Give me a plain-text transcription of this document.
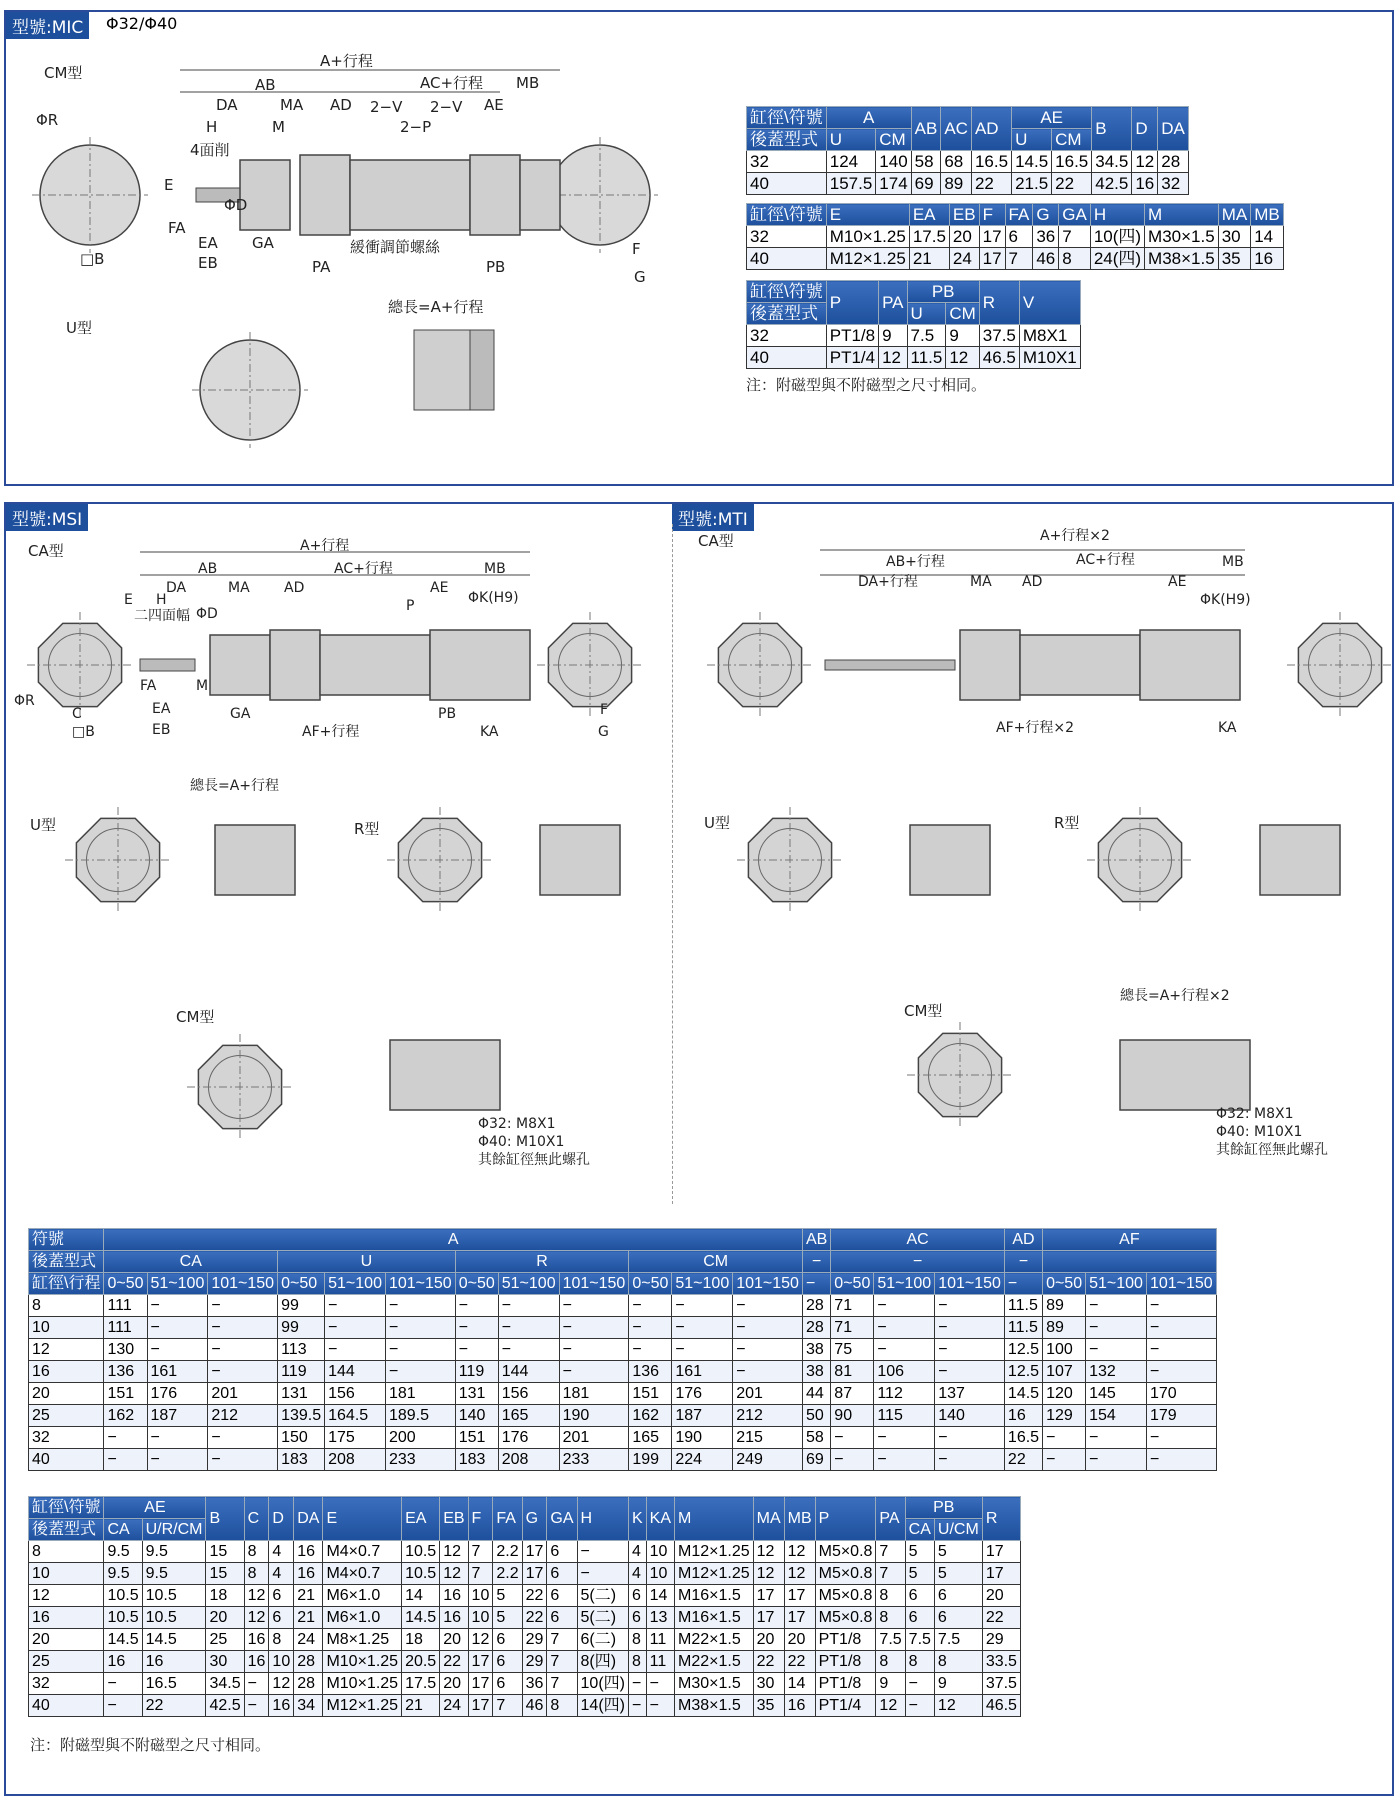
型號:MIC	Φ32/Φ40
CM型
U型
A+行程
AB	AC+行程 MB
DA	MA AD 2−V 2−V AE
2−P
H	M
4面削
ΦR
E
ΦD
FA
EA GA
EB	PA	PB
緩衝調節螺絲
□B
F
G
總長=A+行程
缸徑\符號	A		AB	AC	AD	AE		B	D	DA
後蓋型式	U	CM				U	CM			
32	124	140	58	68	16.5	14.5	16.5	34.5	12	28
40	157.5	174	69	89	22	21.5	22	42.5	16	32
缸徑\符號	E	EA	EB	F	FA	G	GA	H	M	MA	MB
32	M10×1.25	17.5	20	17	6	36	7	10(四)	M30×1.5	30	14
40	M12×1.25	21	24	17	7	46	8	24(四)	M38×1.5	35	16
缸徑\符號	P	PA	PB		R	V
後蓋型式			U	CM		
32	PT1/8	9	7.5	9	37.5	M8X1
40	PT1/4	12	11.5	12	46.5	M10X1
注：附磁型與不附磁型之尺寸相同。
型號:MSI	型號:MTI
CA型
U型	R型
CM型
CA型
U型	R型
CM型
A+行程
AB	AC+行程	MB
DA	MA AD	AE
ΦK(H9)
E H
二四面幅 ΦD	P
M
FA
EA
EB
GA
AF+行程
PB
KA
C
□B
ΦR
F
G
總長=A+行程
Φ32: M8X1
Φ40: M10X1
其餘缸徑無此螺孔
A+行程×2
AB+行程	AC+行程	MB
DA+行程	MA AD	AE
ΦK(H9)
AF+行程×2	KA
總長=A+行程×2
Φ32: M8X1
Φ40: M10X1
其餘缸徑無此螺孔
符號	A												AB	AC			AD	AF		
後蓋型式	CA			U			R			CM			−	−			−			
缸徑\行程	0~50	51~100	101~150	0~50	51~100	101~150	0~50	51~100	101~150	0~50	51~100	101~150	−	0~50	51~100	101~150	−	0~50	51~100	101~150
8	111	−	−	99	−	−	−	−	−	−	−	−	28	71	−	−	11.5	89	−	−
10	111	−	−	99	−	−	−	−	−	−	−	−	28	71	−	−	11.5	89	−	−
12	130	−	−	113	−	−	−	−	−	−	−	−	38	75	−	−	12.5	100	−	−
16	136	161	−	119	144	−	119	144	−	136	161	−	38	81	106	−	12.5	107	132	−
20	151	176	201	131	156	181	131	156	181	151	176	201	44	87	112	137	14.5	120	145	170
25	162	187	212	139.5	164.5	189.5	140	165	190	162	187	212	50	90	115	140	16	129	154	179
32	−	−	−	150	175	200	151	176	201	165	190	215	58	−	−	−	16.5	−	−	−
40	−	−	−	183	208	233	183	208	233	199	224	249	69	−	−	−	22	−	−	−
缸徑\符號	AE		B	C	D	DA	E	EA	EB	F	FA	G	GA	H	K	KA	M	MA	MB	P	PA	PB		R
後蓋型式	CA	U/R/CM																				CA	U/CM	
8	9.5	9.5	15	8	4	16	M4×0.7	10.5	12	7	2.2	17	6	−	4	10	M12×1.25	12	12	M5×0.8	7	5	5	17
10	9.5	9.5	15	8	4	16	M4×0.7	10.5	12	7	2.2	17	6	−	4	10	M12×1.25	12	12	M5×0.8	7	5	5	17
12	10.5	10.5	18	12	6	21	M6×1.0	14	16	10	5	22	6	5(二)	6	14	M16×1.5	17	17	M5×0.8	8	6	6	20
16	10.5	10.5	20	12	6	21	M6×1.0	14.5	16	10	5	22	6	5(二)	6	13	M16×1.5	17	17	M5×0.8	8	6	6	22
20	14.5	14.5	25	16	8	24	M8×1.25	18	20	12	6	29	7	6(二)	8	11	M22×1.5	20	20	PT1/8	7.5	7.5	7.5	29
25	16	16	30	16	10	28	M10×1.25	20.5	22	17	6	29	7	8(四)	8	11	M22×1.5	22	22	PT1/8	8	8	8	33.5
32	−	16.5	34.5	−	12	28	M10×1.25	17.5	20	17	6	36	7	10(四)	−	−	M30×1.5	30	14	PT1/8	9	−	9	37.5
40	−	22	42.5	−	16	34	M12×1.25	21	24	17	7	46	8	14(四)	−	−	M38×1.5	35	16	PT1/4	12	−	12	46.5
注：附磁型與不附磁型之尺寸相同。
